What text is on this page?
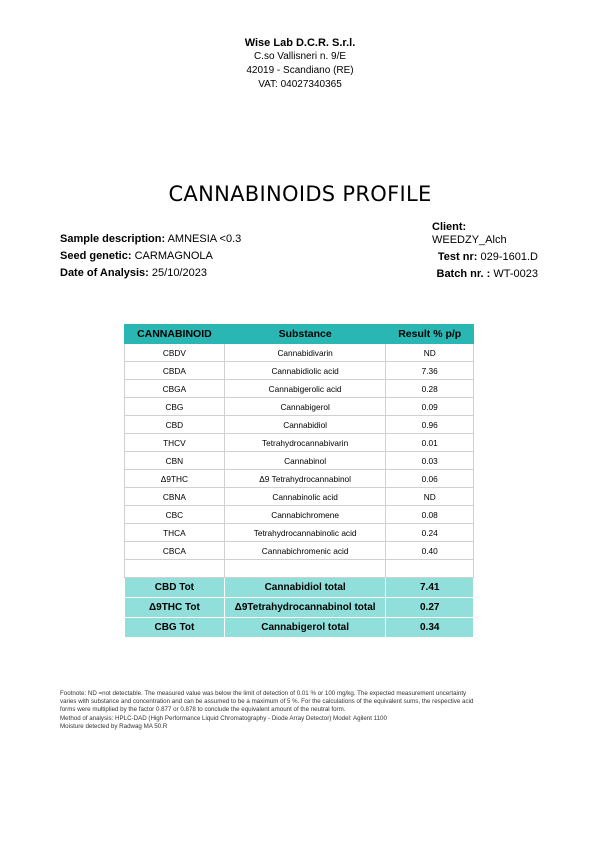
Wise Lab D.C.R. S.r.l.
C.so Vallisneri n. 9/E
42019 - Scandiano (RE)
VAT: 04027340365
CANNABINOIDS PROFILE
Sample description: AMNESIA <0.3
Seed genetic: CARMAGNOLA
Date of Analysis: 25/10/2023
Client:
WEEDZY_Alch
Test nr: 029-1601.D
Batch nr. : WT-0023
CANNABINOID	Substance	Result % p/p
CBDV	Cannabidivarin	ND
CBDA	Cannabidiolic acid	7.36
CBGA	Cannabigerolic acid	0.28
CBG	Cannabigerol	0.09
CBD	Cannabidiol	0.96
THCV	Tetrahydrocannabivarin	0.01
CBN	Cannabinol	0.03
Δ9THC	Δ9 Tetrahydrocannabinol	0.06
CBNA	Cannabinolic acid	ND
CBC	Cannabichromene	0.08
THCA	Tetrahydrocannabinolic acid	0.24
CBCA	Cannabichromenic acid	0.40

CBD Tot	Cannabidiol total	7.41
Δ9THC Tot	Δ9Tetrahydrocannabinol total	0.27
CBG Tot	Cannabigerol total	0.34
Footnote: ND =not detectable. The measured value was below the limit of detection of 0.01 % or 100 mg/kg. The expected measurement uncertainty
varies with substance and concentration and can be assumed to be a maximum of 5 %. For the calculations of the equivalent sums, the respective acid
forms were multiplied by the factor 0.877 or 0.878 to conclude the equivalent amount of the neutral form.
Method of analysis: HPLC-DAD (High Performance Liquid Chromatography - Diode Array Detector) Model: Agilent 1100
Moisture detected by Radwag MA 50.R
